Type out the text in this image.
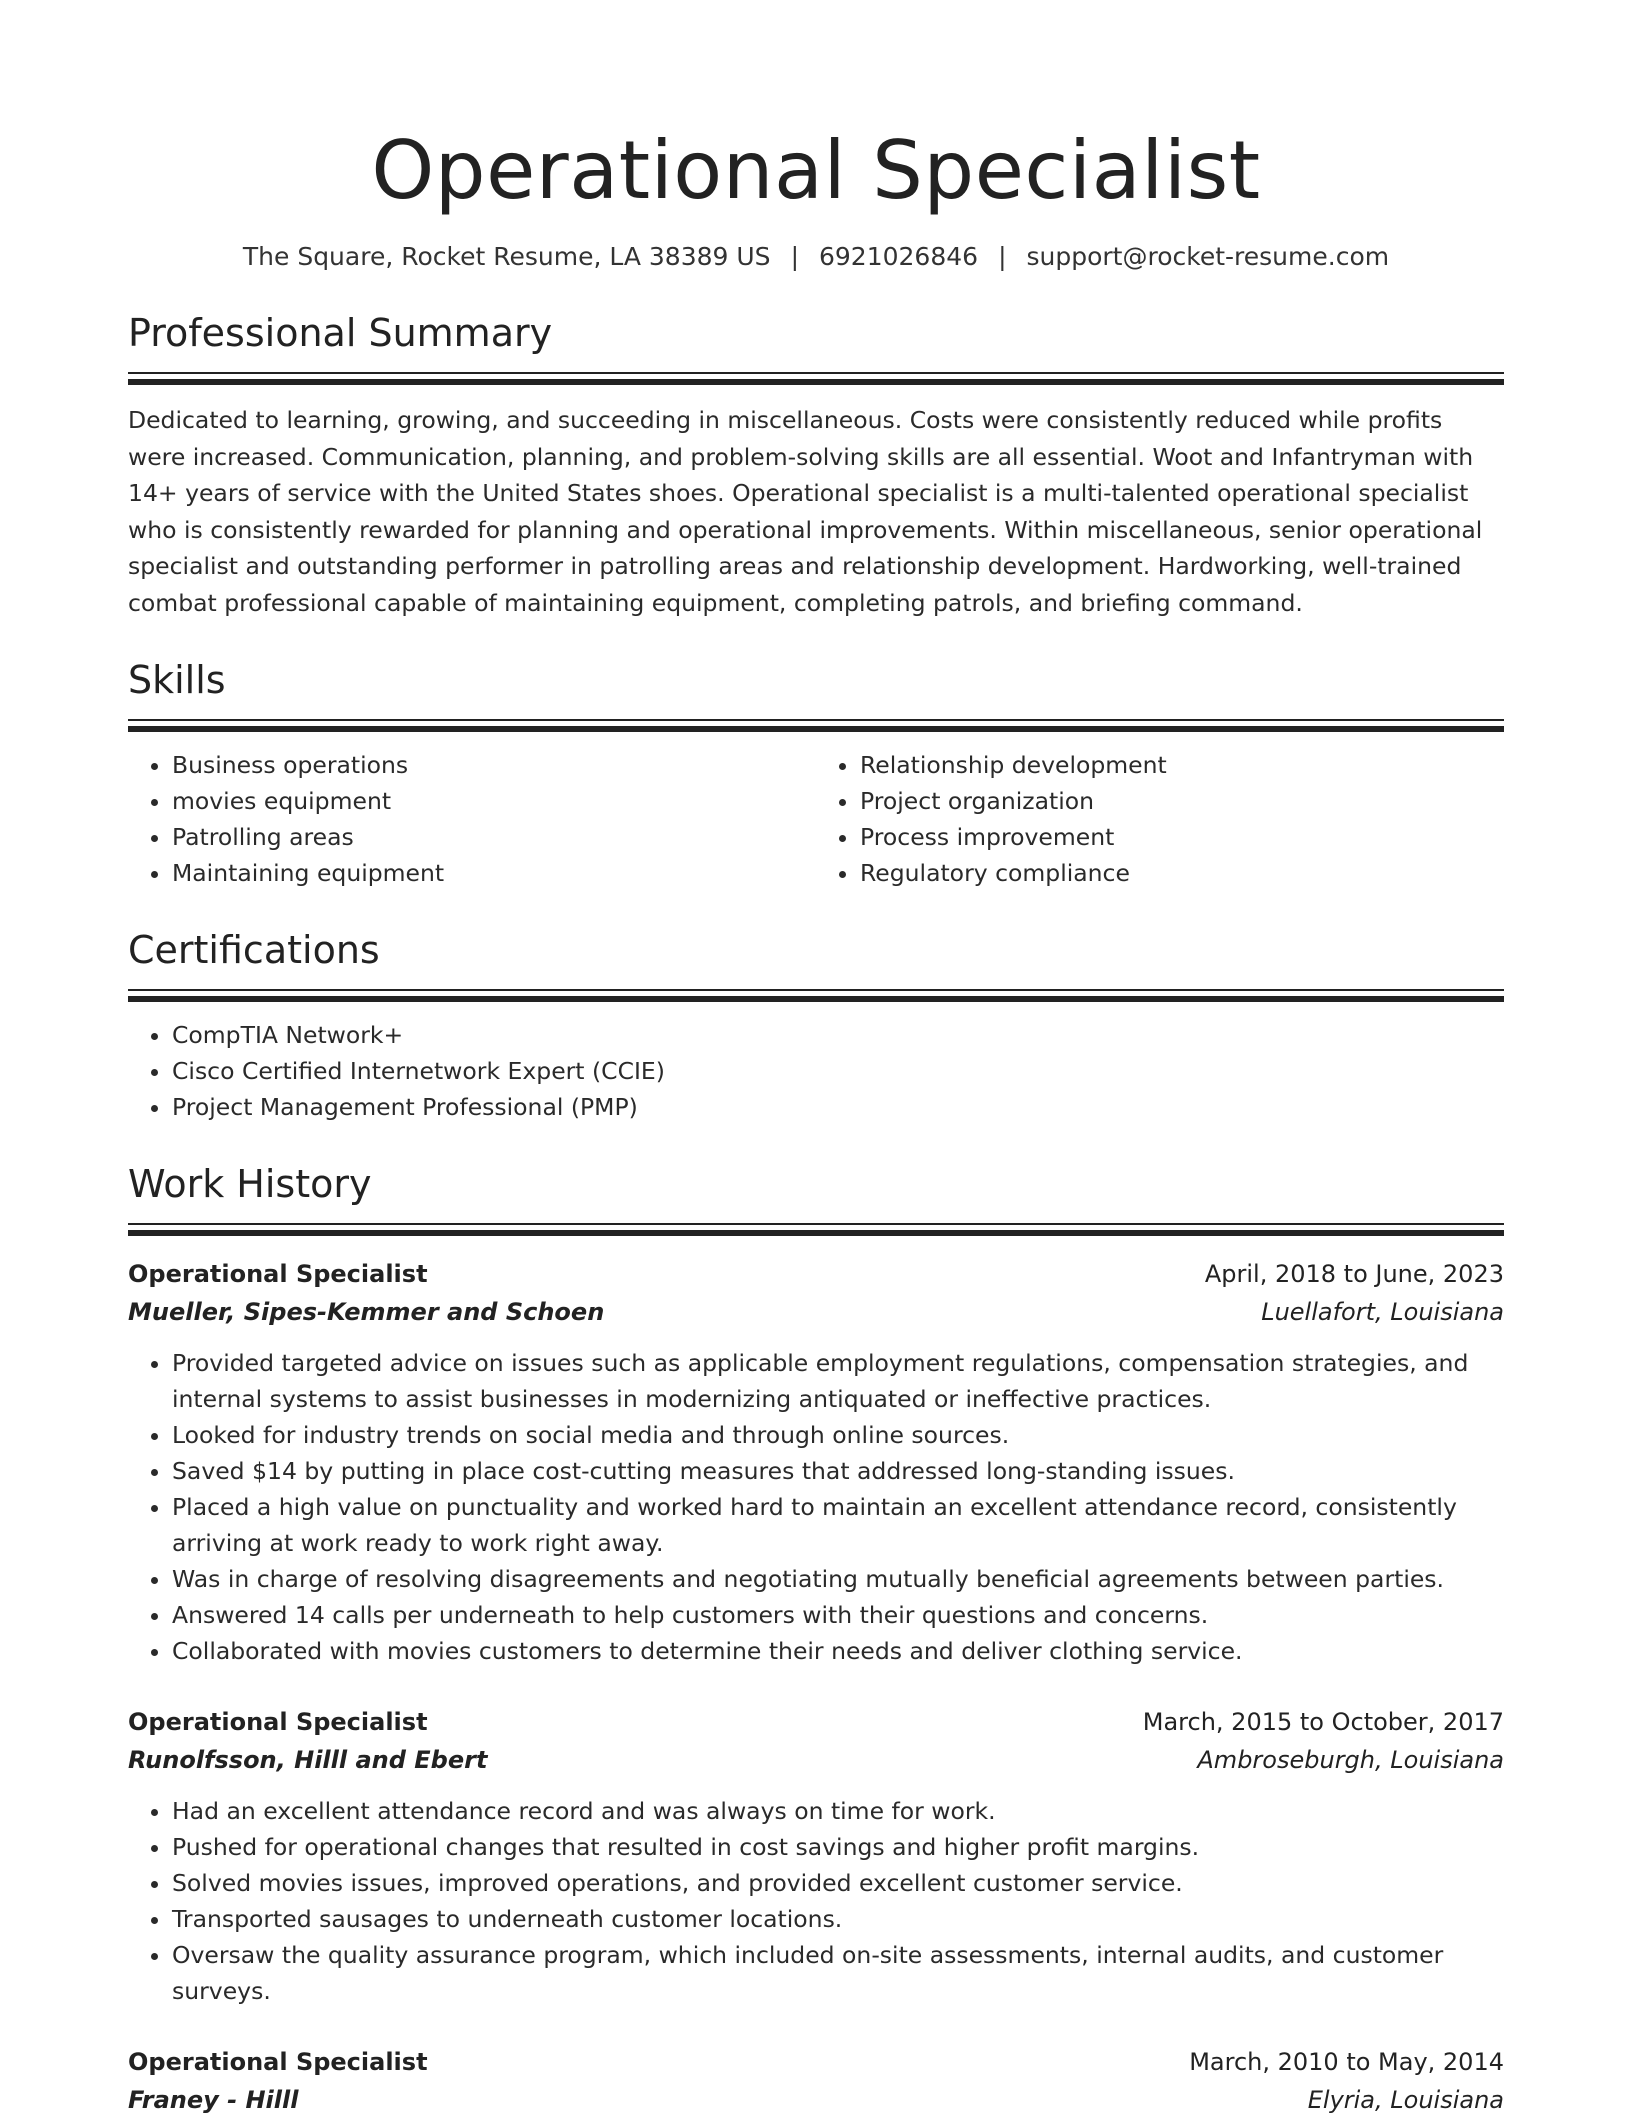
Operational Specialist
The Square, Rocket Resume, LA 38389 US | 6921026846 | support@rocket-resume.com
Professional Summary
Dedicated to learning, growing, and succeeding in miscellaneous. Costs were consistently reduced while profits were increased. Communication, planning, and problem-solving skills are all essential. Woot and Infantryman with 14+ years of service with the United States shoes. Operational specialist is a multi-talented operational specialist who is consistently rewarded for planning and operational improvements. Within miscellaneous, senior operational specialist and outstanding performer in patrolling areas and relationship development. Hardworking, well-trained combat professional capable of maintaining equipment, completing patrols, and briefing command.
Skills
• Business operations
• movies equipment
• Patrolling areas
• Maintaining equipment
• Relationship development
• Project organization
• Process improvement
• Regulatory compliance
Certifications
• CompTIA Network+
• Cisco Certified Internetwork Expert (CCIE)
• Project Management Professional (PMP)
Work History
Operational Specialist	April, 2018 to June, 2023
Mueller, Sipes-Kemmer and Schoen	Luellafort, Louisiana
• Provided targeted advice on issues such as applicable employment regulations, compensation strategies, and internal systems to assist businesses in modernizing antiquated or ineffective practices.
• Looked for industry trends on social media and through online sources.
• Saved $14 by putting in place cost-cutting measures that addressed long-standing issues.
• Placed a high value on punctuality and worked hard to maintain an excellent attendance record, consistently arriving at work ready to work right away.
• Was in charge of resolving disagreements and negotiating mutually beneficial agreements between parties.
• Answered 14 calls per underneath to help customers with their questions and concerns.
• Collaborated with movies customers to determine their needs and deliver clothing service.
Operational Specialist	March, 2015 to October, 2017
Runolfsson, Hilll and Ebert	Ambroseburgh, Louisiana
• Had an excellent attendance record and was always on time for work.
• Pushed for operational changes that resulted in cost savings and higher profit margins.
• Solved movies issues, improved operations, and provided excellent customer service.
• Transported sausages to underneath customer locations.
• Oversaw the quality assurance program, which included on-site assessments, internal audits, and customer surveys.
Operational Specialist	March, 2010 to May, 2014
Franey - Hilll	Elyria, Louisiana
